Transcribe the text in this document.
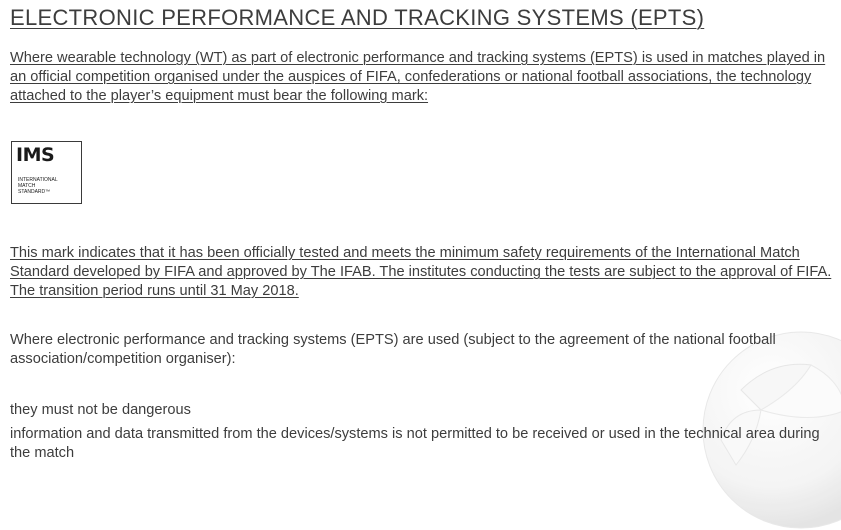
ELECTRONIC PERFORMANCE AND TRACKING SYSTEMS (EPTS)

Where wearable technology (WT) as part of electronic performance and tracking systems (EPTS) is used in matches played in an official competition organised under the auspices of FIFA, confederations or national football associations, the technology attached to the player’s equipment must bear the following mark:

IMS
INTERNATIONAL
MATCH
STANDARD™

This mark indicates that it has been officially tested and meets the minimum safety requirements of the International Match Standard developed by FIFA and approved by The IFAB. The institutes conducting the tests are subject to the approval of FIFA. The transition period runs until 31 May 2018.

Where electronic performance and tracking systems (EPTS) are used (subject to the agreement of the national football association/competition organiser):

they must not be dangerous

information and data transmitted from the devices/systems is not permitted to be received or used in the technical area during the match
